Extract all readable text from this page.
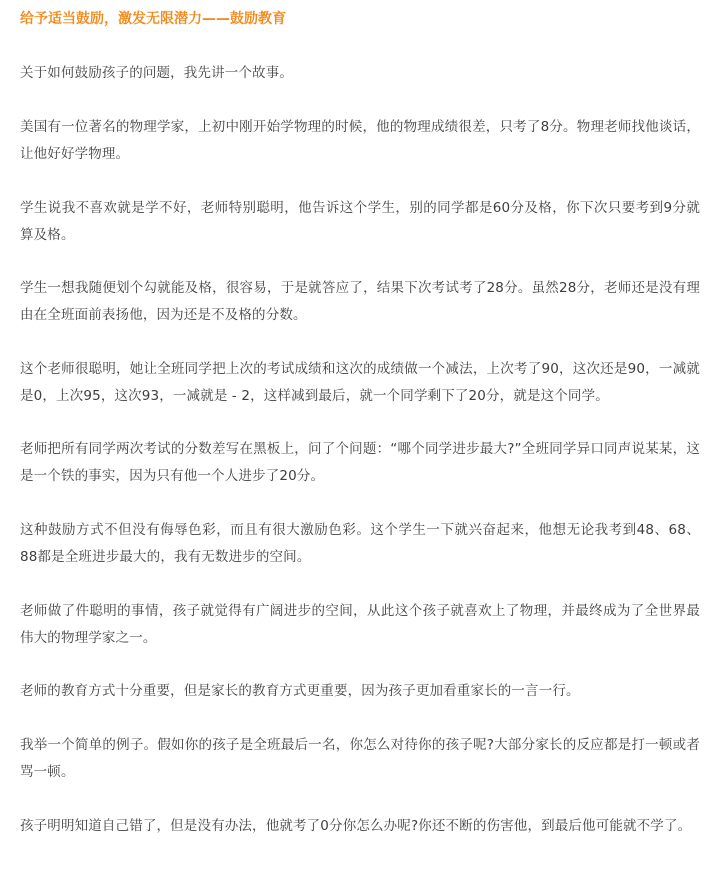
给予适当鼓励，激发无限潜力——鼓励教育

关于如何鼓励孩子的问题，我先讲一个故事。

美国有一位著名的物理学家，上初中刚开始学物理的时候，他的物理成绩很差，只考了8分。物理老师找他谈话，让他好好学物理。

学生说我不喜欢就是学不好，老师特别聪明，他告诉这个学生，别的同学都是60分及格，你下次只要考到9分就算及格。

学生一想我随便划个勾就能及格，很容易，于是就答应了，结果下次考试考了28分。虽然28分，老师还是没有理由在全班面前表扬他，因为还是不及格的分数。

这个老师很聪明，她让全班同学把上次的考试成绩和这次的成绩做一个减法，上次考了90，这次还是90，一减就是0，上次95，这次93，一减就是 - 2，这样减到最后，就一个同学剩下了20分，就是这个同学。

老师把所有同学两次考试的分数差写在黑板上，问了个问题：“哪个同学进步最大?”全班同学异口同声说某某，这是一个铁的事实，因为只有他一个人进步了20分。

这种鼓励方式不但没有侮辱色彩，而且有很大激励色彩。这个学生一下就兴奋起来，他想无论我考到48、68、88都是全班进步最大的，我有无数进步的空间。

老师做了件聪明的事情，孩子就觉得有广阔进步的空间，从此这个孩子就喜欢上了物理，并最终成为了全世界最伟大的物理学家之一。

老师的教育方式十分重要，但是家长的教育方式更重要，因为孩子更加看重家长的一言一行。

我举一个简单的例子。假如你的孩子是全班最后一名，你怎么对待你的孩子呢?大部分家长的反应都是打一顿或者骂一顿。

孩子明明知道自己错了，但是没有办法，他就考了0分你怎么办呢?你还不断的伤害他，到最后他可能就不学了。
